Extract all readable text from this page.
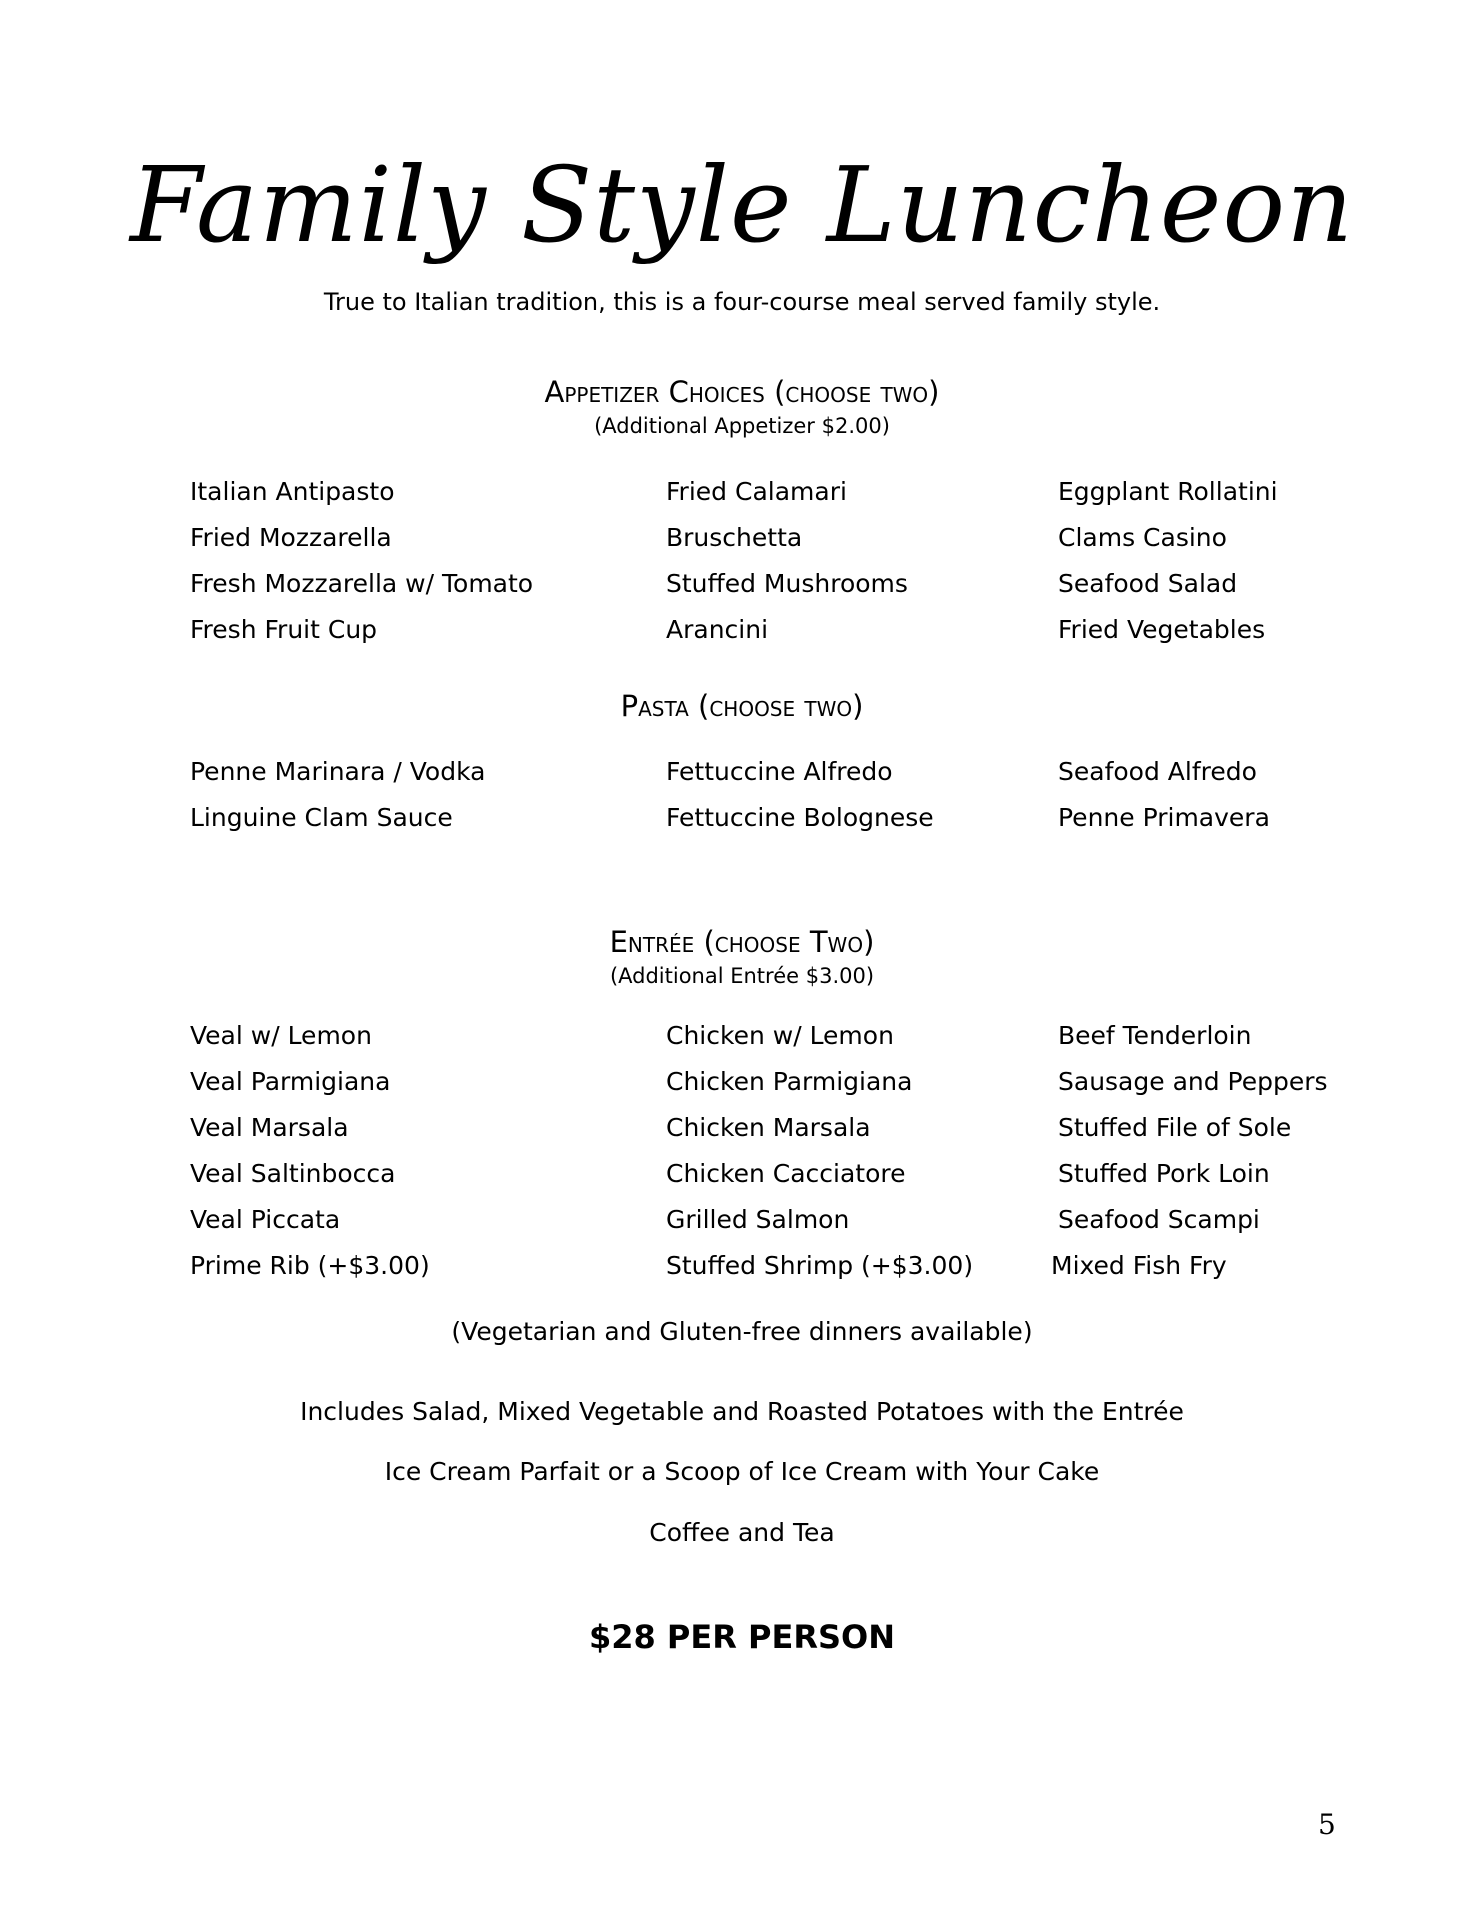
Family Style Luncheon
True to Italian tradition, this is a four-course meal served family style.
Appetizer Choices (choose two)
(Additional Appetizer $2.00)
Italian Antipasto
Fried Mozzarella
Fresh Mozzarella w/ Tomato
Fresh Fruit Cup
Fried Calamari
Bruschetta
Stuffed Mushrooms
Arancini
Eggplant Rollatini
Clams Casino
Seafood Salad
Fried Vegetables
Pasta (choose two)
Penne Marinara / Vodka
Linguine Clam Sauce
Fettuccine Alfredo
Fettuccine Bolognese
Seafood Alfredo
Penne Primavera
Entrée (choose Two)
(Additional Entrée $3.00)
Veal w/ Lemon
Veal Parmigiana
Veal Marsala
Veal Saltinbocca
Veal Piccata
Prime Rib (+$3.00)
Chicken w/ Lemon
Chicken Parmigiana
Chicken Marsala
Chicken Cacciatore
Grilled Salmon
Stuffed Shrimp (+$3.00)
Beef Tenderloin
Sausage and Peppers
Stuffed File of Sole
Stuffed Pork Loin
Seafood Scampi
Mixed Fish Fry
(Vegetarian and Gluten-free dinners available)
Includes Salad, Mixed Vegetable and Roasted Potatoes with the Entrée
Ice Cream Parfait or a Scoop of Ice Cream with Your Cake
Coffee and Tea
$28 PER PERSON
5
